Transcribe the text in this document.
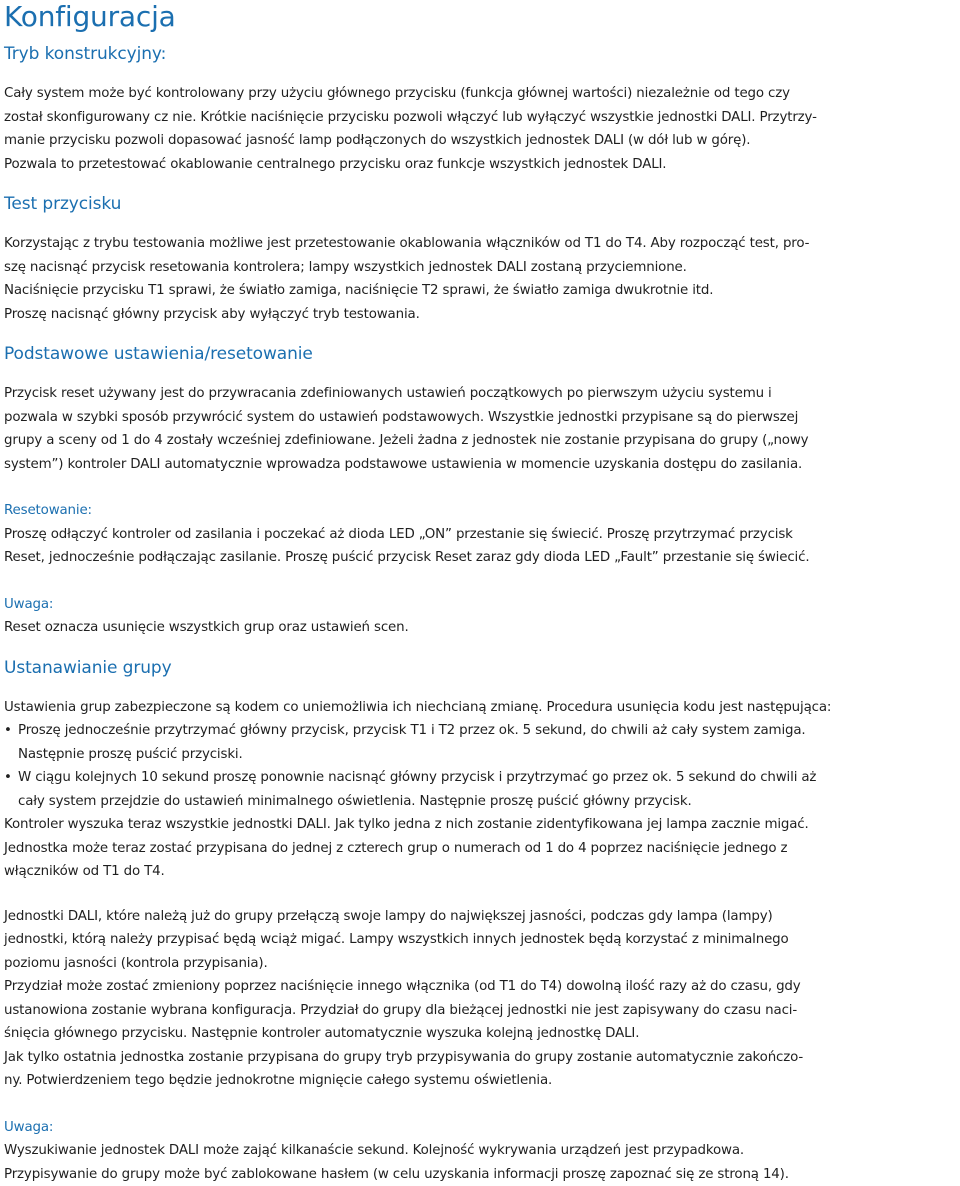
Konfiguracja
Tryb konstrukcyjny:

Cały system może być kontrolowany przy użyciu głównego przycisku (funkcja głównej wartości) niezależnie od tego czy
został skonfigurowany cz nie. Krótkie naciśnięcie przycisku pozwoli włączyć lub wyłączyć wszystkie jednostki DALI. Przytrzy-
manie przycisku pozwoli dopasować jasność lamp podłączonych do wszystkich jednostek DALI (w dół lub w górę).
Pozwala to przetestować okablowanie centralnego przycisku oraz funkcje wszystkich jednostek DALI.

Test przycisku

Korzystając z trybu testowania możliwe jest przetestowanie okablowania włączników od T1 do T4. Aby rozpocząć test, pro-
szę nacisnąć przycisk resetowania kontrolera; lampy wszystkich jednostek DALI zostaną przyciemnione.
Naciśnięcie przycisku T1 sprawi, że światło zamiga, naciśnięcie T2 sprawi, że światło zamiga dwukrotnie itd.
Proszę nacisnąć główny przycisk aby wyłączyć tryb testowania.

Podstawowe ustawienia/resetowanie

Przycisk reset używany jest do przywracania zdefiniowanych ustawień początkowych po pierwszym użyciu systemu i
pozwala w szybki sposób przywrócić system do ustawień podstawowych. Wszystkie jednostki przypisane są do pierwszej
grupy a sceny od 1 do 4 zostały wcześniej zdefiniowane. Jeżeli żadna z jednostek nie zostanie przypisana do grupy („nowy
system”) kontroler DALI automatycznie wprowadza podstawowe ustawienia w momencie uzyskania dostępu do zasilania.

Resetowanie:
Proszę odłączyć kontroler od zasilania i poczekać aż dioda LED „ON” przestanie się świecić. Proszę przytrzymać przycisk
Reset, jednocześnie podłączając zasilanie. Proszę puścić przycisk Reset zaraz gdy dioda LED „Fault” przestanie się świecić.

Uwaga:
Reset oznacza usunięcie wszystkich grup oraz ustawień scen.

Ustanawianie grupy
Ustawienia grup zabezpieczone są kodem co uniemożliwia ich niechcianą zmianę. Procedura usunięcia kodu jest następująca:
• Proszę jednocześnie przytrzymać główny przycisk, przycisk T1 i T2 przez ok. 5 sekund, do chwili aż cały system zamiga.
Następnie proszę puścić przyciski.
• W ciągu kolejnych 10 sekund proszę ponownie nacisnąć główny przycisk i przytrzymać go przez ok. 5 sekund do chwili aż
cały system przejdzie do ustawień minimalnego oświetlenia. Następnie proszę puścić główny przycisk.
Kontroler wyszuka teraz wszystkie jednostki DALI. Jak tylko jedna z nich zostanie zidentyfikowana jej lampa zacznie migać.
Jednostka może teraz zostać przypisana do jednej z czterech grup o numerach od 1 do 4 poprzez naciśnięcie jednego z
włączników od T1 do T4.

Jednostki DALI, które należą już do grupy przełączą swoje lampy do największej jasności, podczas gdy lampa (lampy)
jednostki, którą należy przypisać będą wciąż migać. Lampy wszystkich innych jednostek będą korzystać z minimalnego
poziomu jasności (kontrola przypisania).
Przydział może zostać zmieniony poprzez naciśnięcie innego włącznika (od T1 do T4) dowolną ilość razy aż do czasu, gdy
ustanowiona zostanie wybrana konfiguracja. Przydział do grupy dla bieżącej jednostki nie jest zapisywany do czasu naci-
śnięcia głównego przycisku. Następnie kontroler automatycznie wyszuka kolejną jednostkę DALI.
Jak tylko ostatnia jednostka zostanie przypisana do grupy tryb przypisywania do grupy zostanie automatycznie zakończo-
ny. Potwierdzeniem tego będzie jednokrotne mignięcie całego systemu oświetlenia.

Uwaga:
Wyszukiwanie jednostek DALI może zająć kilkanaście sekund. Kolejność wykrywania urządzeń jest przypadkowa.
Przypisywanie do grupy może być zablokowane hasłem (w celu uzyskania informacji proszę zapoznać się ze stroną 14).
